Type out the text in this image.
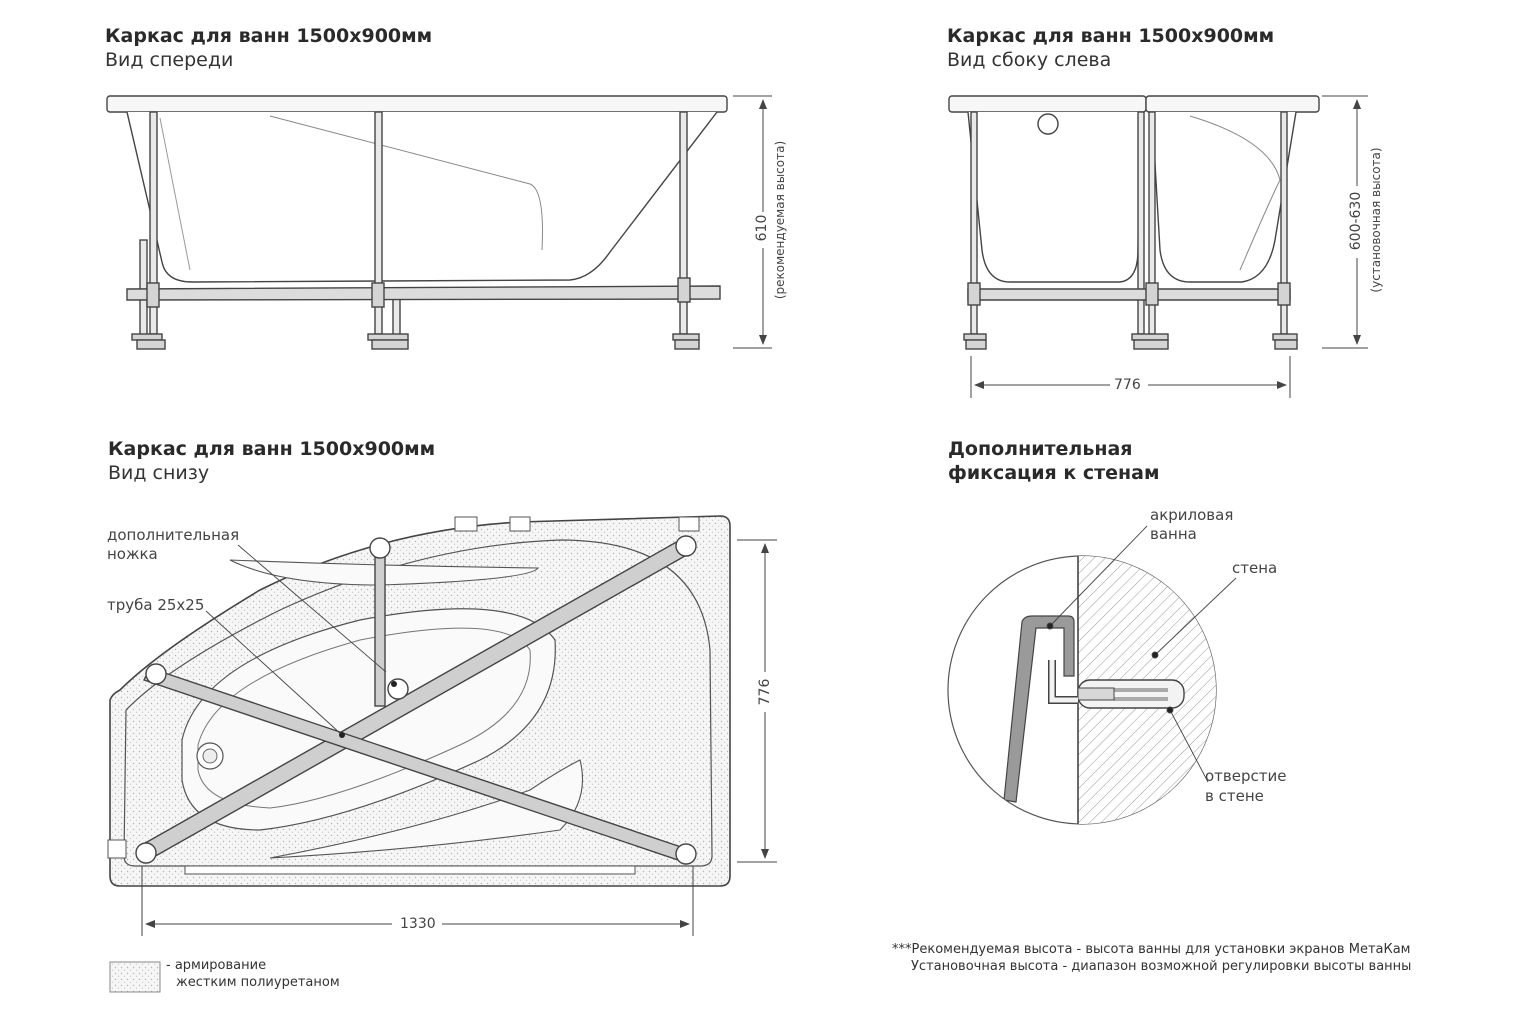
Каркас для ванн 1500х900мм
Вид спереди
610 (рекомендуемая высота)
Каркас для ванн 1500х900мм
Вид сбоку слева
600-630 (установочная высота)
776
Каркас для ванн 1500х900мм
Вид снизу
дополнительная
ножка
труба 25х25
776
1330
Дополнительная
фиксация к стенам
акриловая
ванна
стена
отверстие
в стене
- армирование
жестким полиуретаном
***Рекомендуемая высота - высота ванны для установки экранов МетаКам
Установочная высота - диапазон возможной регулировки высоты ванны
